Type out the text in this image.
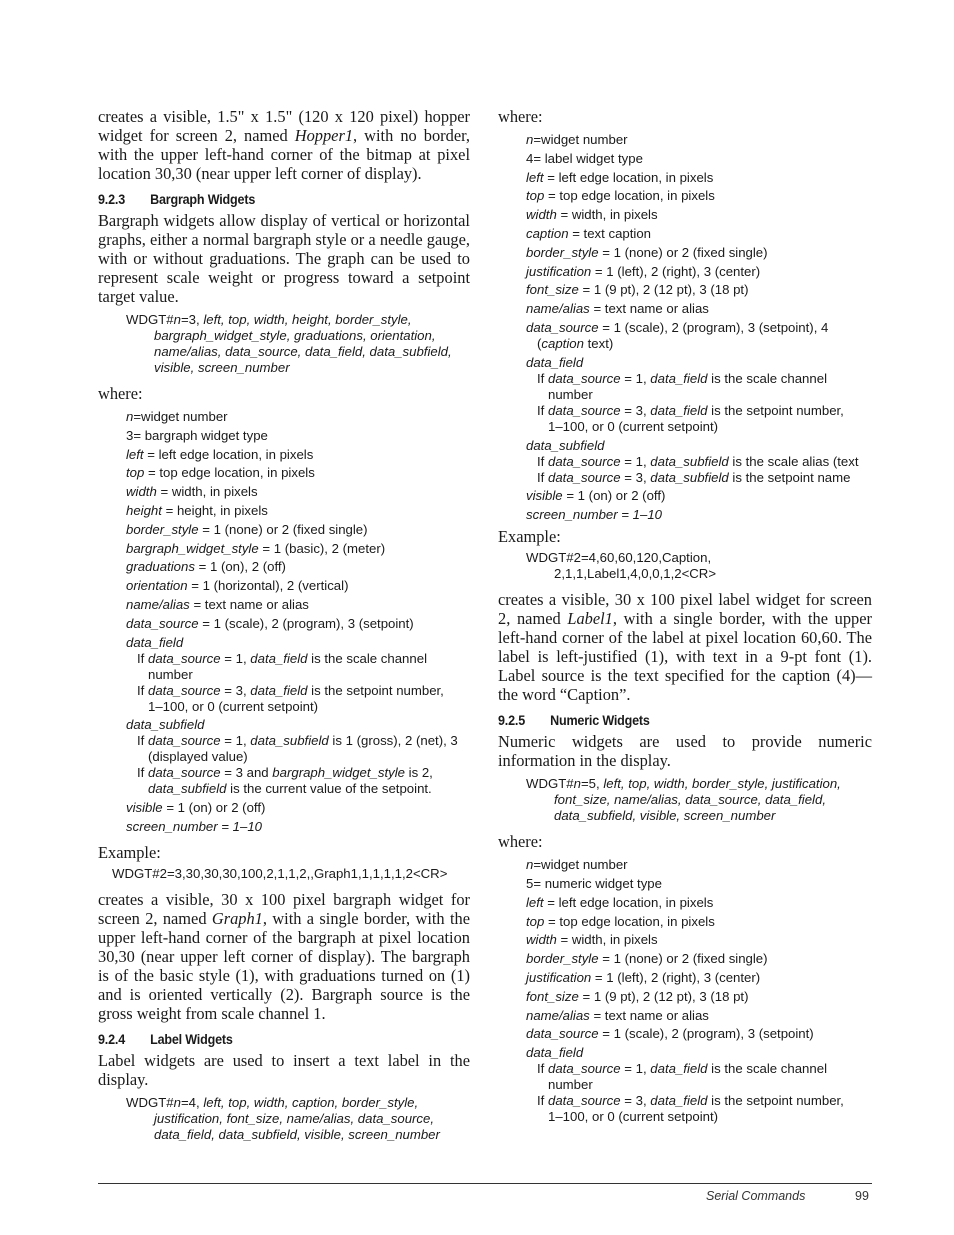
creates a visible, 1.5" x 1.5" (120 x 120 pixel) hopper widget for screen 2, named Hopper1, with no border, with the upper left-hand corner of the bitmap at pixel location 30,30 (near upper left corner of display).

9.2.3 Bargraph Widgets

Bargraph widgets allow display of vertical or horizontal graphs, either a normal bargraph style or a needle gauge, with or without graduations. The graph can be used to represent scale weight or progress toward a setpoint target value.

WDGT#n=3, left, top, width, height, border_style,
bargraph_widget_style, graduations, orientation,
name/alias, data_source, data_field, data_subfield,
visible, screen_number

where:

n=widget number
3= bargraph widget type
left = left edge location, in pixels
top = top edge location, in pixels
width = width, in pixels
height = height, in pixels
border_style = 1 (none) or 2 (fixed single)
bargraph_widget_style = 1 (basic), 2 (meter)
graduations = 1 (on), 2 (off)
orientation = 1 (horizontal), 2 (vertical)
name/alias = text name or alias
data_source = 1 (scale), 2 (program), 3 (setpoint)
data_field
If data_source = 1, data_field is the scale channel
number
If data_source = 3, data_field is the setpoint number,
1–100, or 0 (current setpoint)
data_subfield
If data_source = 1, data_subfield is 1 (gross), 2 (net), 3
(displayed value)
If data_source = 3 and bargraph_widget_style is 2,
data_subfield is the current value of the setpoint.
visible = 1 (on) or 2 (off)
screen_number = 1–10

Example:

WDGT#2=3,30,30,30,100,2,1,1,2,,Graph1,1,1,1,1,2<CR>

creates a visible, 30 x 100 pixel bargraph widget for screen 2, named Graph1, with a single border, with the upper left-hand corner of the bargraph at pixel location 30,30 (near upper left corner of display). The bargraph is of the basic style (1), with graduations turned on (1) and is oriented vertically (2). Bargraph source is the gross weight from scale channel 1.

9.2.4 Label Widgets

Label widgets are used to insert a text label in the display.

WDGT#n=4, left, top, width, caption, border_style,
justification, font_size, name/alias, data_source,
data_field, data_subfield, visible, screen_number

where:

n=widget number
4= label widget type
left = left edge location, in pixels
top = top edge location, in pixels
width = width, in pixels
caption = text caption
border_style = 1 (none) or 2 (fixed single)
justification = 1 (left), 2 (right), 3 (center)
font_size = 1 (9 pt), 2 (12 pt), 3 (18 pt)
name/alias = text name or alias
data_source = 1 (scale), 2 (program), 3 (setpoint), 4
(caption text)
data_field
If data_source = 1, data_field is the scale channel
number
If data_source = 3, data_field is the setpoint number,
1–100, or 0 (current setpoint)
data_subfield
If data_source = 1, data_subfield is the scale alias (text
If data_source = 3, data_subfield is the setpoint name
visible = 1 (on) or 2 (off)
screen_number = 1–10

Example:

WDGT#2=4,60,60,120,Caption,
2,1,1,Label1,4,0,0,1,2<CR>

creates a visible, 30 x 100 pixel label widget for screen 2, named Label1, with a single border, with the upper left-hand corner of the label at pixel location 60,60. The label is left-justified (1), with text in a 9-pt font (1). Label source is the text specified for the caption (4)—the word “Caption”.

9.2.5 Numeric Widgets

Numeric widgets are used to provide numeric information in the display.

WDGT#n=5, left, top, width, border_style, justification,
font_size, name/alias, data_source, data_field,
data_subfield, visible, screen_number

where:

n=widget number
5= numeric widget type
left = left edge location, in pixels
top = top edge location, in pixels
width = width, in pixels
border_style = 1 (none) or 2 (fixed single)
justification = 1 (left), 2 (right), 3 (center)
font_size = 1 (9 pt), 2 (12 pt), 3 (18 pt)
name/alias = text name or alias
data_source = 1 (scale), 2 (program), 3 (setpoint)
data_field
If data_source = 1, data_field is the scale channel
number
If data_source = 3, data_field is the setpoint number,
1–100, or 0 (current setpoint)
Serial Commands	99
